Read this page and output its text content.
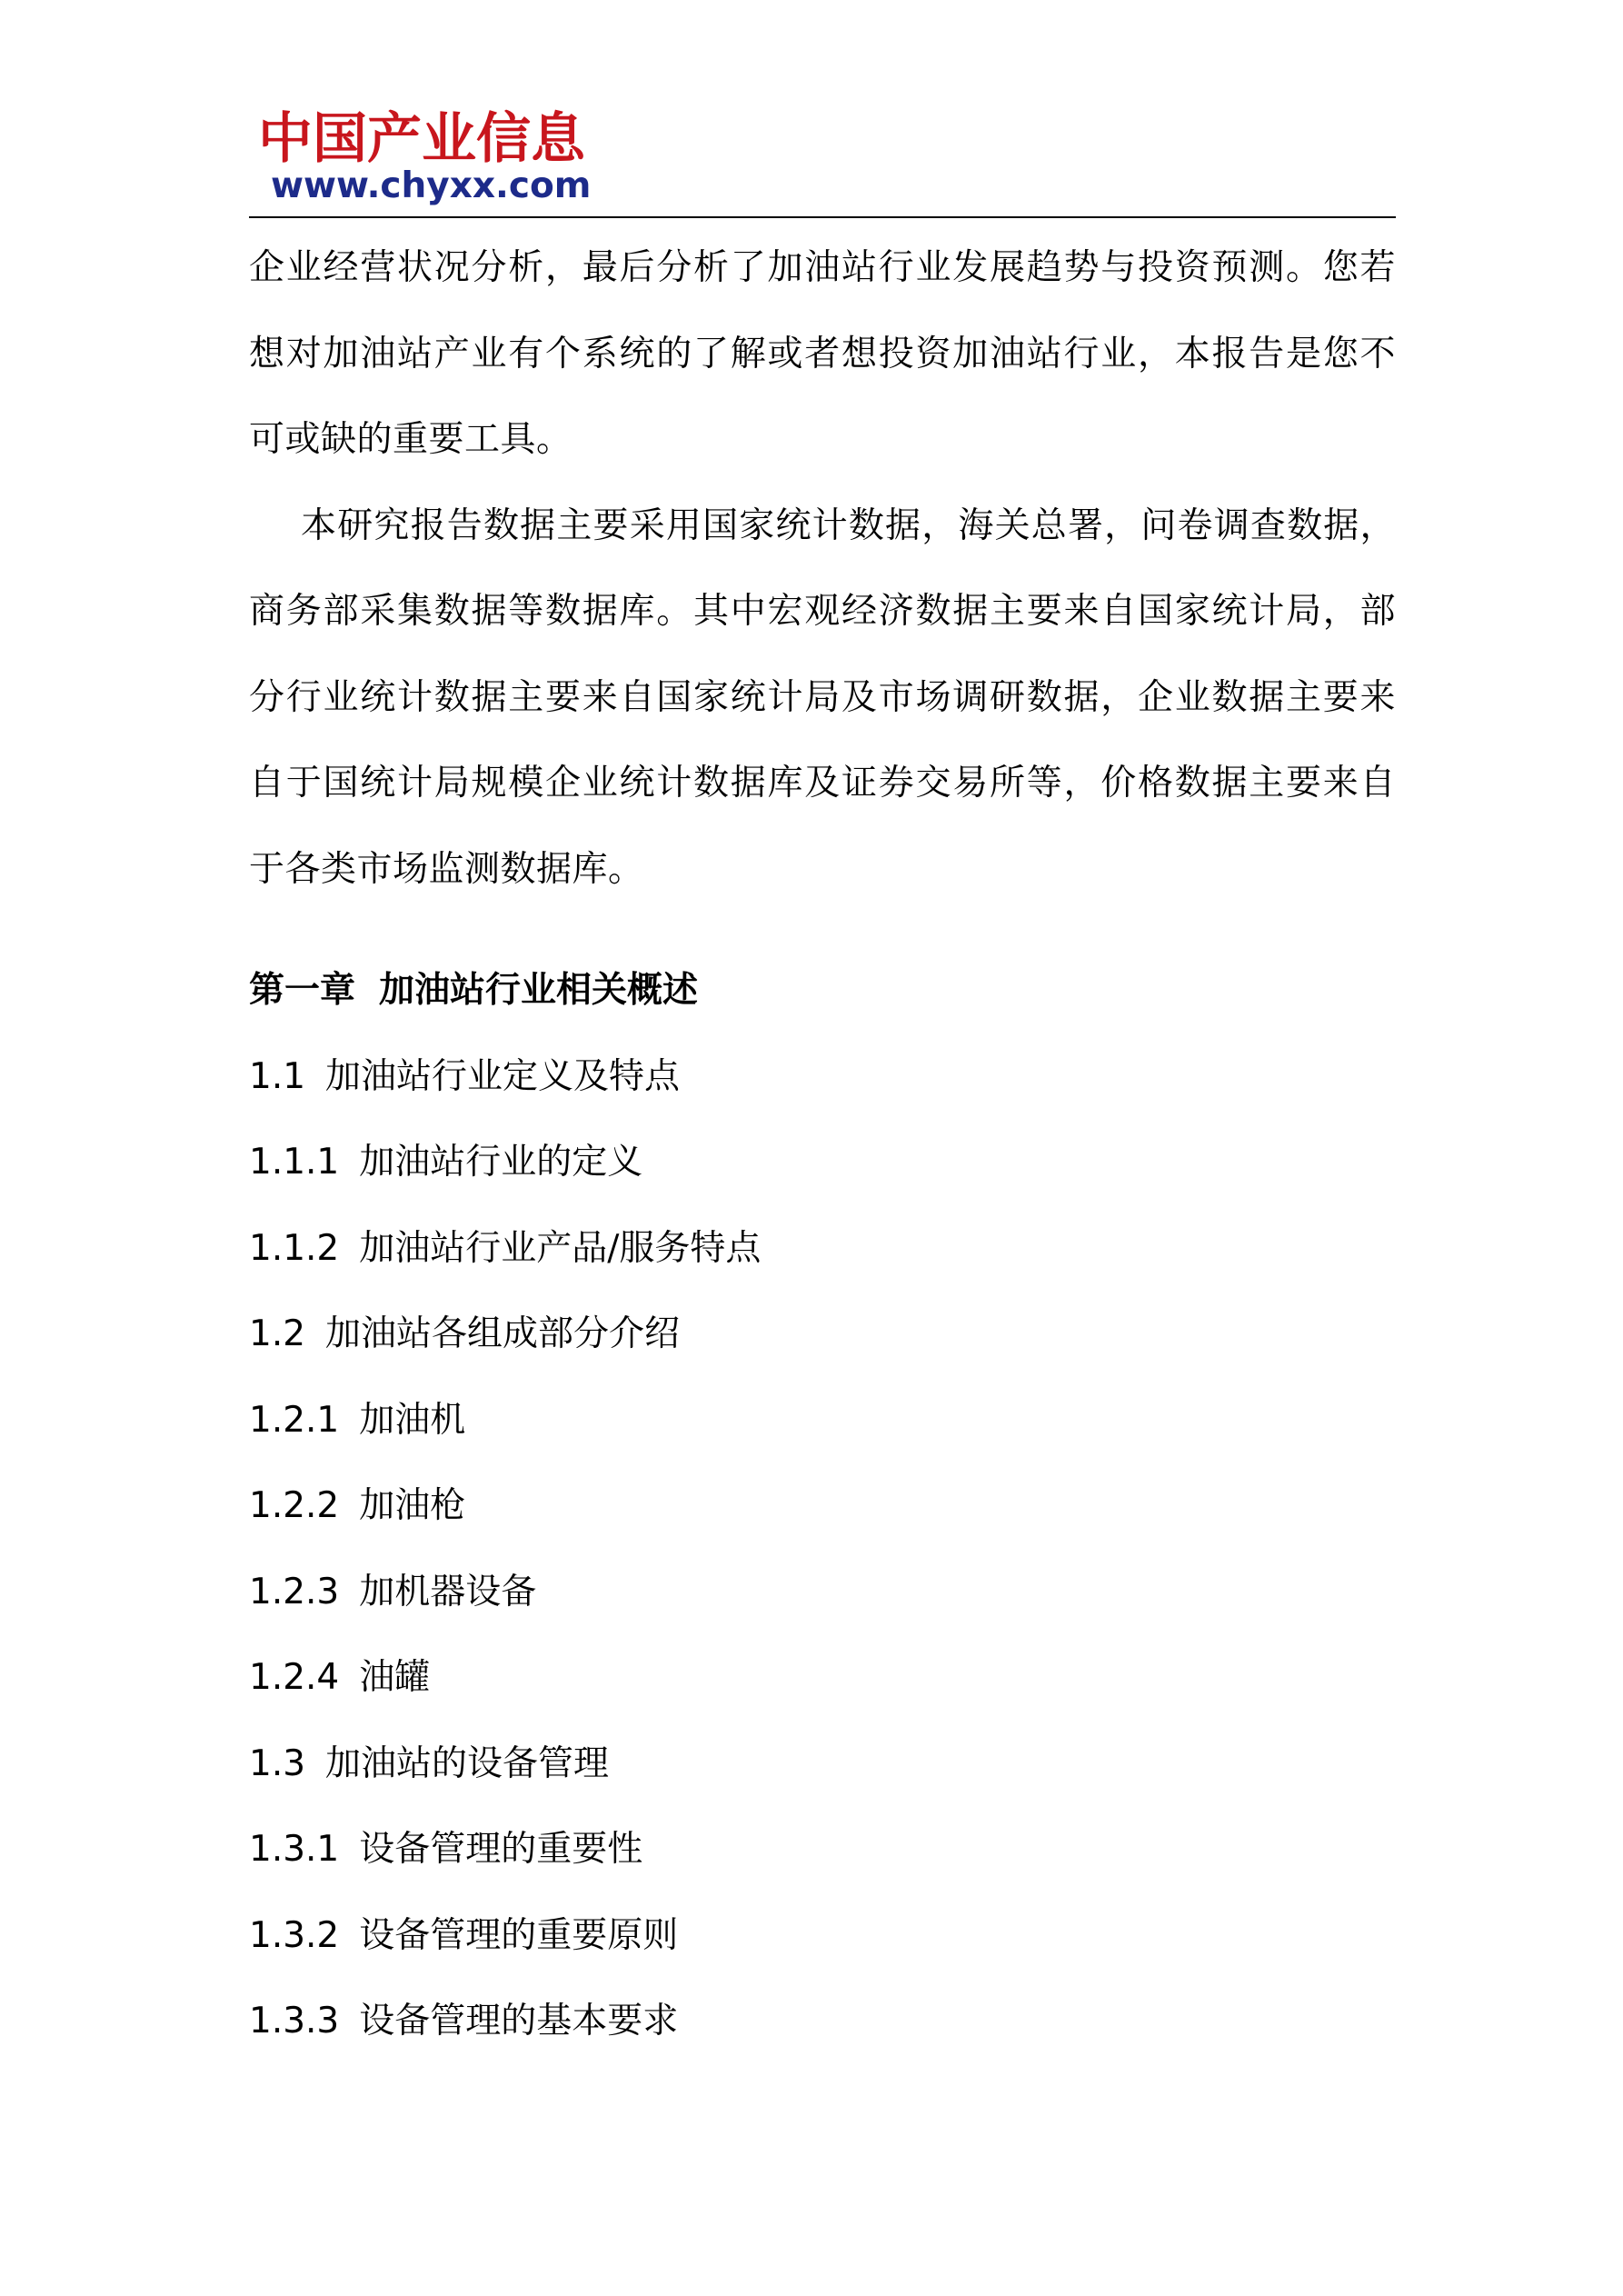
中国产业信息
www.chyxx.com

企业经营状况分析，最后分析了加油站行业发展趋势与投资预测。您若想对加油站产业有个系统的了解或者想投资加油站行业，本报告是您不可或缺的重要工具。

本研究报告数据主要采用国家统计数据，海关总署，问卷调查数据，商务部采集数据等数据库。其中宏观经济数据主要来自国家统计局，部分行业统计数据主要来自国家统计局及市场调研数据，企业数据主要来自于国统计局规模企业统计数据库及证券交易所等，价格数据主要来自于各类市场监测数据库。

第一章 加油站行业相关概述
1.1 加油站行业定义及特点
1.1.1 加油站行业的定义
1.1.2 加油站行业产品/服务特点
1.2 加油站各组成部分介绍
1.2.1 加油机
1.2.2 加油枪
1.2.3 加机器设备
1.2.4 油罐
1.3 加油站的设备管理
1.3.1 设备管理的重要性
1.3.2 设备管理的重要原则
1.3.3 设备管理的基本要求
